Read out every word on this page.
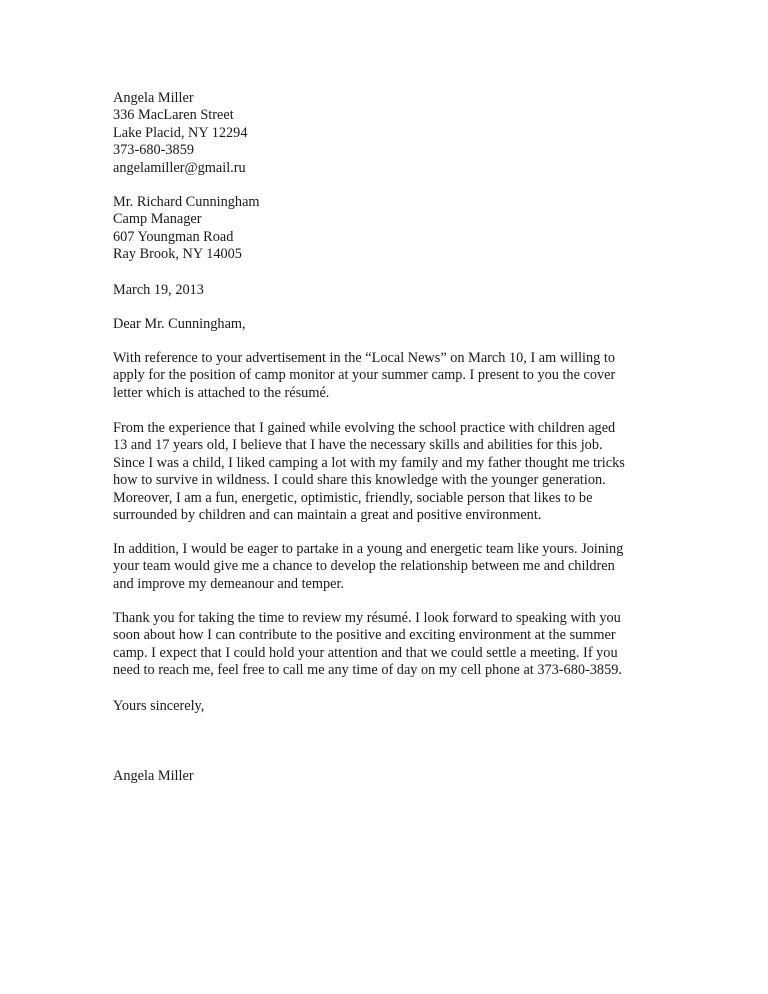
Angela Miller
336 MacLaren Street
Lake Placid, NY 12294
373-680-3859
angelamiller@gmail.ru
Mr. Richard Cunningham
Camp Manager
607 Youngman Road
Ray Brook, NY 14005
March 19, 2013
Dear Mr. Cunningham,
With reference to your advertisement in the “Local News” on March 10, I am willing to
apply for the position of camp monitor at your summer camp. I present to you the cover
letter which is attached to the résumé.
From the experience that I gained while evolving the school practice with children aged
13 and 17 years old, I believe that I have the necessary skills and abilities for this job.
Since I was a child, I liked camping a lot with my family and my father thought me tricks
how to survive in wildness. I could share this knowledge with the younger generation.
Moreover, I am a fun, energetic, optimistic, friendly, sociable person that likes to be
surrounded by children and can maintain a great and positive environment.
In addition, I would be eager to partake in a young and energetic team like yours. Joining
your team would give me a chance to develop the relationship between me and children
and improve my demeanour and temper.
Thank you for taking the time to review my résumé. I look forward to speaking with you
soon about how I can contribute to the positive and exciting environment at the summer
camp. I expect that I could hold your attention and that we could settle a meeting. If you
need to reach me, feel free to call me any time of day on my cell phone at 373-680-3859.
Yours sincerely,
Angela Miller
